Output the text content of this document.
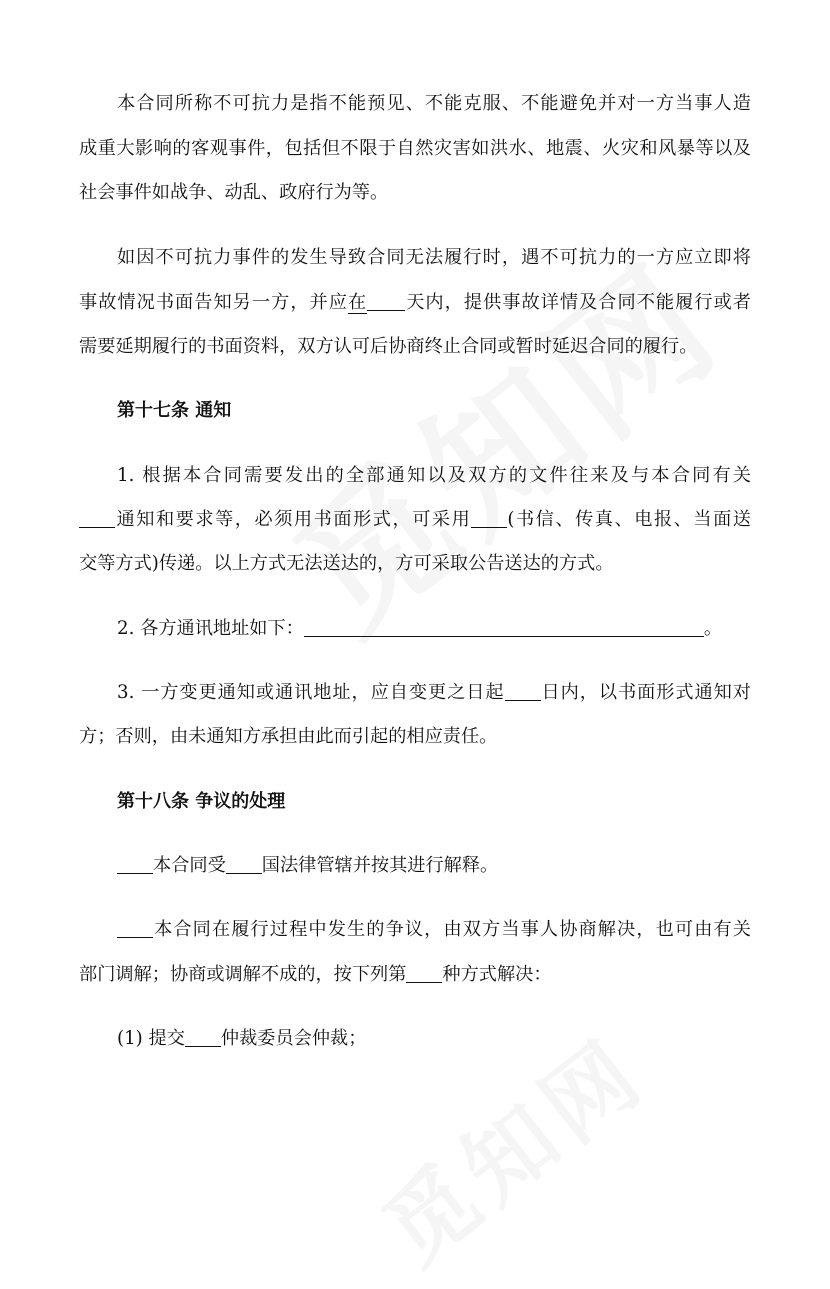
本合同所称不可抗力是指不能预见、不能克服、不能避免并对一方当事人造

成重大影响的客观事件，包括但不限于自然灾害如洪水、地震、火灾和风暴等以及

社会事件如战争、动乱、政府行为等。

如因不可抗力事件的发生导致合同无法履行时，遇不可抗力的一方应立即将

事故情况书面告知另一方，并应在 天内，提供事故详情及合同不能履行或者

需要延期履行的书面资料，双方认可后协商终止合同或暂时延迟合同的履行。

第十七条 通知

1. 根据本合同需要发出的全部通知以及双方的文件往来及与本合同有关

通知和要求等，必须用书面形式，可采用 (书信、传真、电报、当面送

交等方式)传递。以上方式无法送达的，方可采取公告送达的方式。

2. 各方通讯地址如下：	。

3. 一方变更通知或通讯地址，应自变更之日起 日内，以书面形式通知对

方；否则，由未通知方承担由此而引起的相应责任。

第十八条 争议的处理

本合同受 国法律管辖并按其进行解释。

本合同在履行过程中发生的争议，由双方当事人协商解决，也可由有关

部门调解；协商或调解不成的，按下列第 种方式解决：

(1) 提交 仲裁委员会仲裁；
